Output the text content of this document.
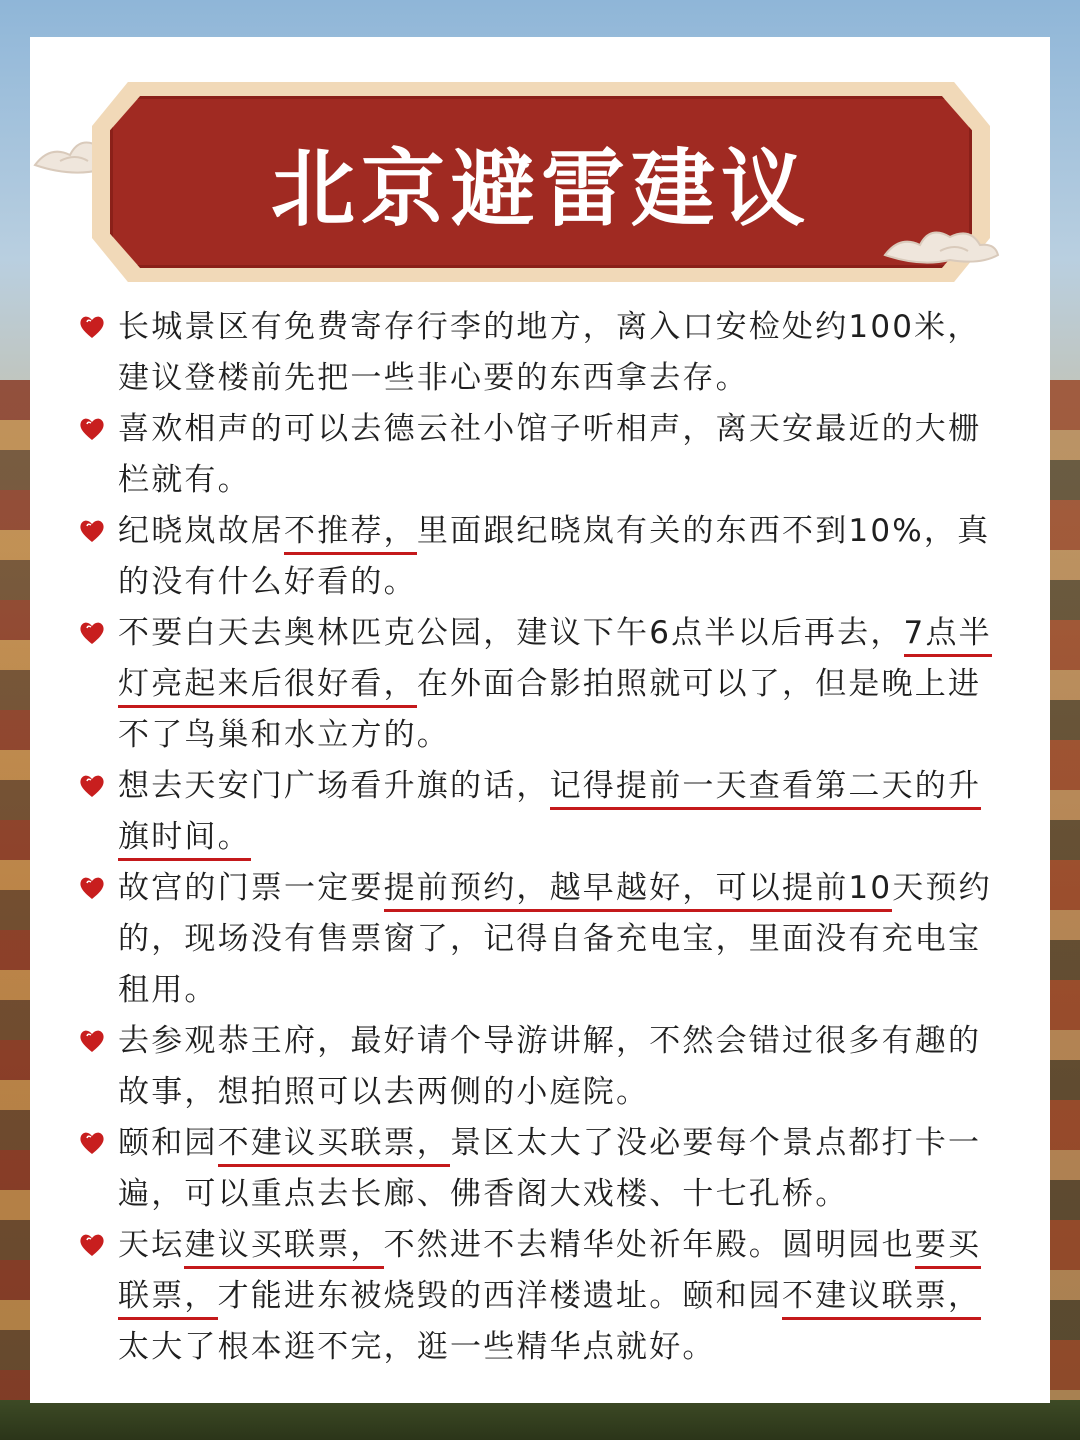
北京避雷建议
长城景区有免费寄存行李的地方，离入口安检处约100米，建议登楼前先把一些非心要的东西拿去存。
喜欢相声的可以去德云社小馆子听相声，离天安最近的大栅栏就有。
纪晓岚故居不推荐，里面跟纪晓岚有关的东西不到10%，真的没有什么好看的。
不要白天去奥林匹克公园，建议下午6点半以后再去，7点半灯亮起来后很好看，在外面合影拍照就可以了，但是晚上进不了鸟巢和水立方的。
想去天安门广场看升旗的话，记得提前一天查看第二天的升旗时间。
故宫的门票一定要提前预约，越早越好，可以提前10天预约的，现场没有售票窗了，记得自备充电宝，里面没有充电宝租用。
去参观恭王府，最好请个导游讲解，不然会错过很多有趣的故事，想拍照可以去两侧的小庭院。
颐和园不建议买联票，景区太大了没必要每个景点都打卡一遍，可以重点去长廊、佛香阁大戏楼、十七孔桥。
天坛建议买联票，不然进不去精华处祈年殿。圆明园也要买联票，才能进东被烧毁的西洋楼遗址。颐和园不建议联票，太大了根本逛不完，逛一些精华点就好。
